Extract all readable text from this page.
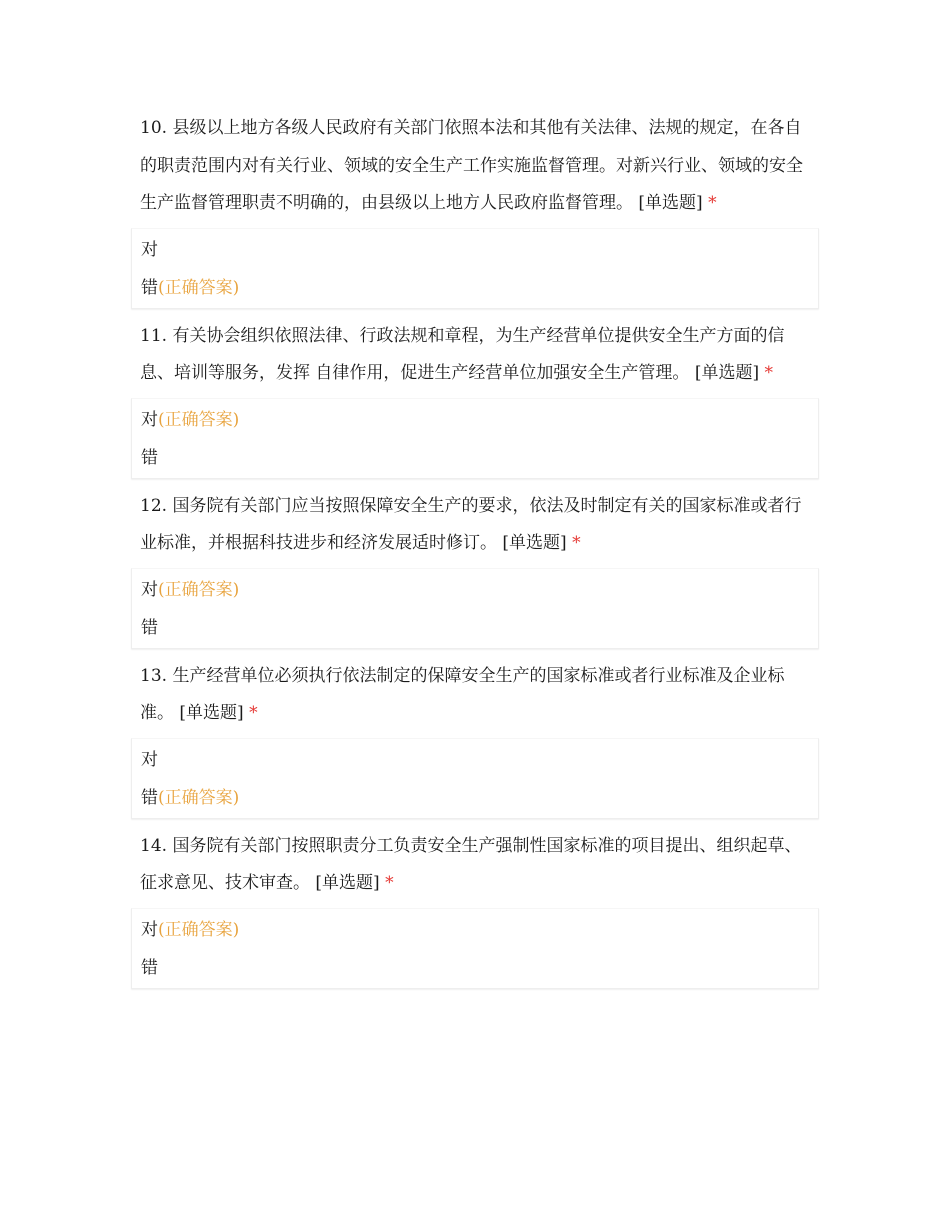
10. 县级以上地方各级人民政府有关部门依照本法和其他有关法律、法规的规定，在各自的职责范围内对有关行业、领域的安全生产工作实施监督管理。对新兴行业、领域的安全生产监督管理职责不明确的，由县级以上地方人民政府监督管理。 [单选题] *
对
错(正确答案)
11. 有关协会组织依照法律、行政法规和章程，为生产经营单位提供安全生产方面的信息、培训等服务，发挥 自律作用，促进生产经营单位加强安全生产管理。 [单选题] *
对(正确答案)
错
12. 国务院有关部门应当按照保障安全生产的要求，依法及时制定有关的国家标准或者行业标准，并根据科技进步和经济发展适时修订。 [单选题] *
对(正确答案)
错
13. 生产经营单位必须执行依法制定的保障安全生产的国家标准或者行业标准及企业标准。 [单选题] *
对
错(正确答案)
14. 国务院有关部门按照职责分工负责安全生产强制性国家标准的项目提出、组织起草、征求意见、技术审查。 [单选题] *
对(正确答案)
错
